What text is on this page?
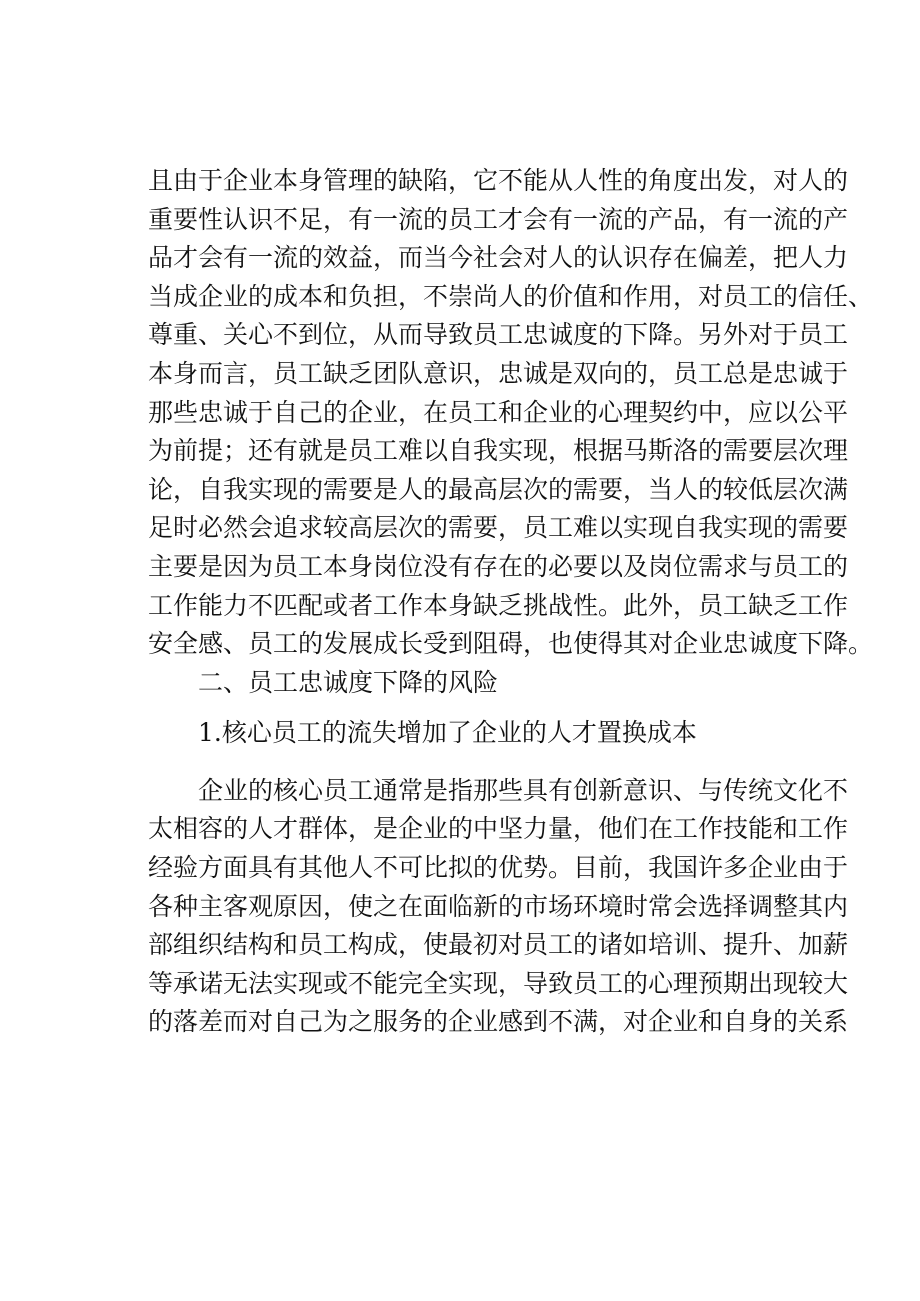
且由于企业本身管理的缺陷，它不能从人性的角度出发，对人的
重要性认识不足，有一流的员工才会有一流的产品，有一流的产
品才会有一流的效益，而当今社会对人的认识存在偏差，把人力
当成企业的成本和负担，不崇尚人的价值和作用，对员工的信任、
尊重、关心不到位，从而导致员工忠诚度的下降。另外对于员工
本身而言，员工缺乏团队意识，忠诚是双向的，员工总是忠诚于
那些忠诚于自己的企业，在员工和企业的心理契约中，应以公平
为前提；还有就是员工难以自我实现，根据马斯洛的需要层次理
论，自我实现的需要是人的最高层次的需要，当人的较低层次满
足时必然会追求较高层次的需要，员工难以实现自我实现的需要
主要是因为员工本身岗位没有存在的必要以及岗位需求与员工的
工作能力不匹配或者工作本身缺乏挑战性。此外，员工缺乏工作
安全感、员工的发展成长受到阻碍，也使得其对企业忠诚度下降。
二、员工忠诚度下降的风险
1.核心员工的流失增加了企业的人才置换成本
企业的核心员工通常是指那些具有创新意识、与传统文化不
太相容的人才群体，是企业的中坚力量，他们在工作技能和工作
经验方面具有其他人不可比拟的优势。目前，我国许多企业由于
各种主客观原因，使之在面临新的市场环境时常会选择调整其内
部组织结构和员工构成，使最初对员工的诸如培训、提升、加薪
等承诺无法实现或不能完全实现，导致员工的心理预期出现较大
的落差而对自己为之服务的企业感到不满，对企业和自身的关系
